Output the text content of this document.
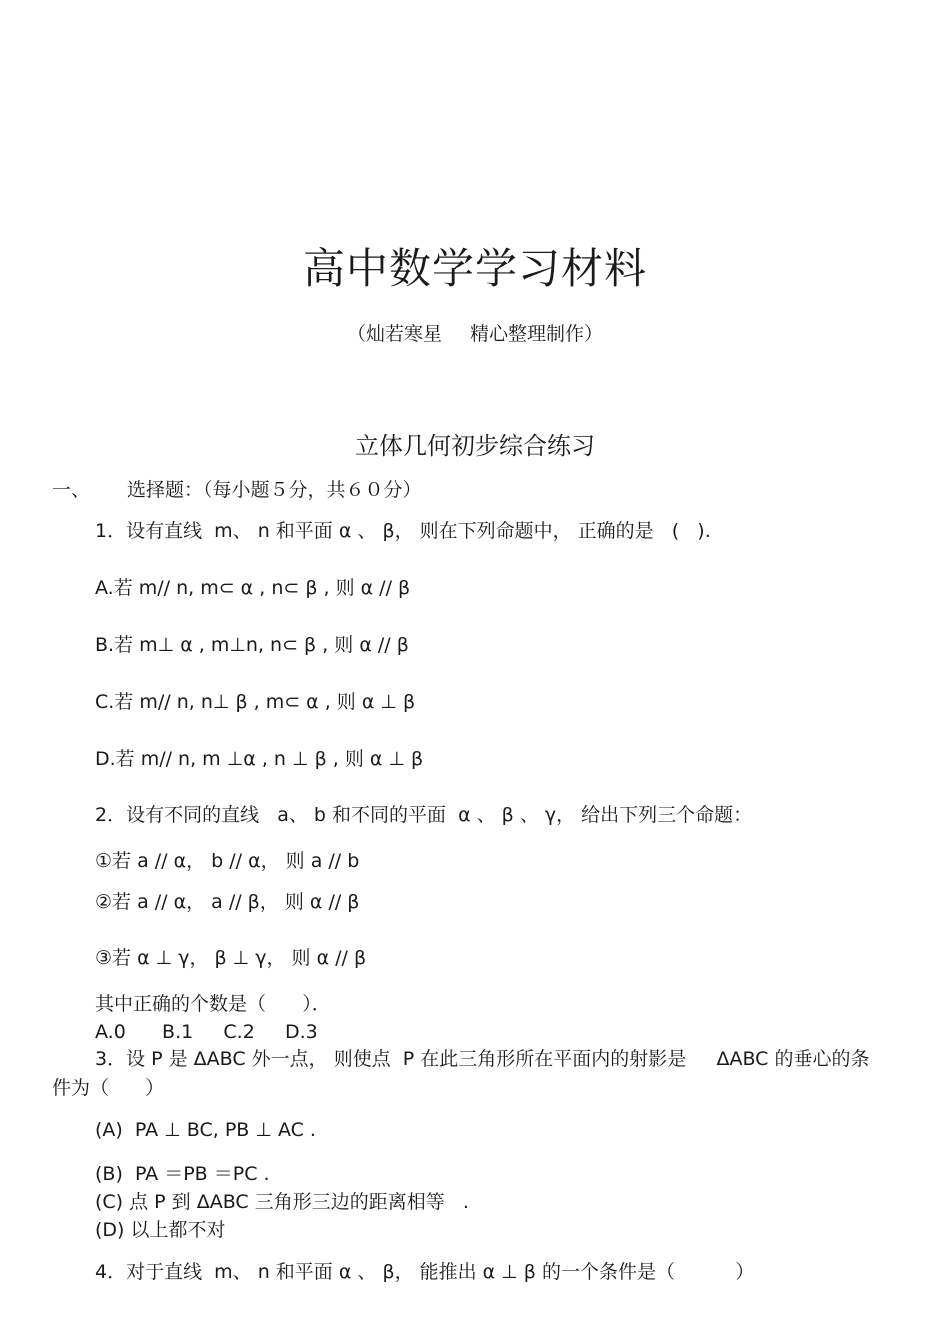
高中数学学习材料
（灿若寒星 精心整理制作）
立体几何初步综合练习
一、 选择题：（每小题５分，共６０分）
1．设有直线  m、 n 和平面 α 、 β， 则在下列命题中， 正确的是   (   ).
A.若 m// n, m⊂ α , n⊂ β , 则 α // β
B.若 m⊥ α , m⊥n, n⊂ β , 则 α // β
C.若 m// n, n⊥ β , m⊂ α , 则 α ⊥ β
D.若 m// n, m ⊥α , n ⊥ β , 则 α ⊥ β
2．设有不同的直线   a、 b 和不同的平面  α 、 β 、 γ， 给出下列三个命题：
①若 a // α， b // α， 则 a // b
②若 a // α， a // β， 则 α // β
③若 α ⊥ γ， β ⊥ γ， 则 α // β
其中正确的个数是（      ）．
A.0      B.1     C.2     D.3
3．设 P 是 ΔABC 外一点， 则使点  P 在此三角形所在平面内的射影是     ΔABC 的垂心的条
件为（      ）
(A)  PA ⊥ BC, PB ⊥ AC .
(B)  PA ＝PB ＝PC .
(C) 点 P 到 ΔABC 三角形三边的距离相等   .
(D) 以上都不对
4．对于直线  m、 n 和平面 α 、 β， 能推出 α ⊥ β 的一个条件是（          ）
